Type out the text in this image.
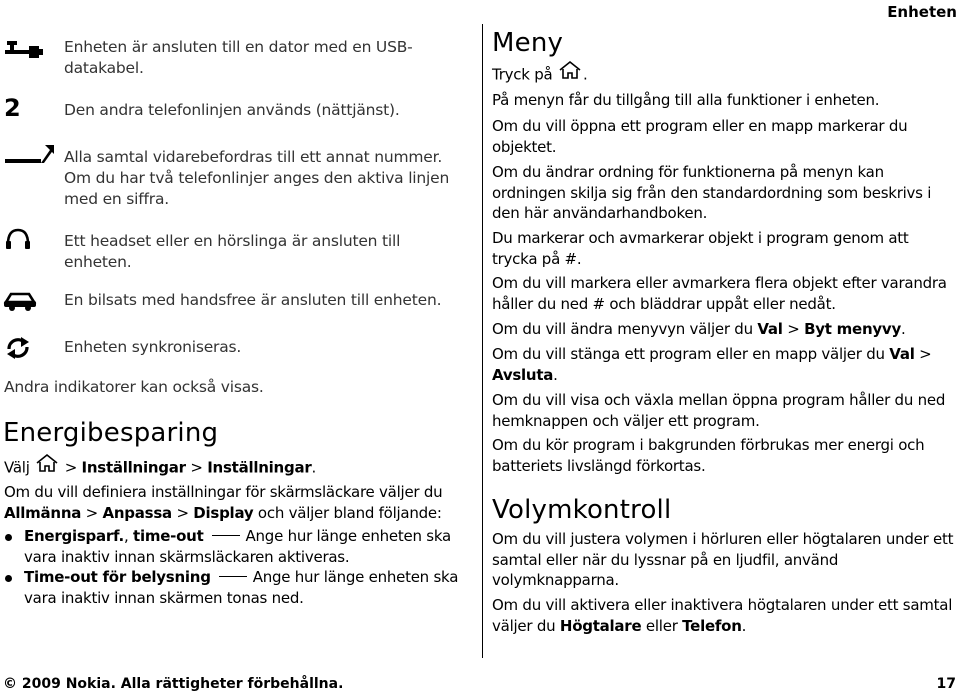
Enheten
Enheten är ansluten till en dator med en USB-datakabel.
2	Den andra telefonlinjen används (nättjänst).
Alla samtal vidarebefordras till ett annat nummer. Om du har två telefonlinjer anges den aktiva linjen med en siffra.
Ett headset eller en hörslinga är ansluten till enheten.
En bilsats med handsfree är ansluten till enheten.
Enheten synkroniseras.
Andra indikatorer kan också visas.
Energibesparing
Välj > Inställningar > Inställningar.
Om du vill definiera inställningar för skärmsläckare väljer du Allmänna > Anpassa > Display och väljer bland följande:
Energisparf., time-out	Ange hur länge enheten ska vara inaktiv innan skärmsläckaren aktiveras.
Time-out för belysning	Ange hur länge enheten ska vara inaktiv innan skärmen tonas ned.
Meny
Tryck på .
På menyn får du tillgång till alla funktioner i enheten.
Om du vill öppna ett program eller en mapp markerar du objektet.
Om du ändrar ordning för funktionerna på menyn kan ordningen skilja sig från den standardordning som beskrivs i den här användarhandboken.
Du markerar och avmarkerar objekt i program genom att trycka på #.
Om du vill markera eller avmarkera flera objekt efter varandra håller du ned # och bläddrar uppåt eller nedåt.
Om du vill ändra menyvyn väljer du Val > Byt menyvy.
Om du vill stänga ett program eller en mapp väljer du Val > Avsluta.
Om du vill visa och växla mellan öppna program håller du ned hemknappen och väljer ett program.
Om du kör program i bakgrunden förbrukas mer energi och batteriets livslängd förkortas.
Volymkontroll
Om du vill justera volymen i hörluren eller högtalaren under ett samtal eller när du lyssnar på en ljudfil, använd volymknapparna.
Om du vill aktivera eller inaktivera högtalaren under ett samtal väljer du Högtalare eller Telefon.
© 2009 Nokia. Alla rättigheter förbehållna.	17
